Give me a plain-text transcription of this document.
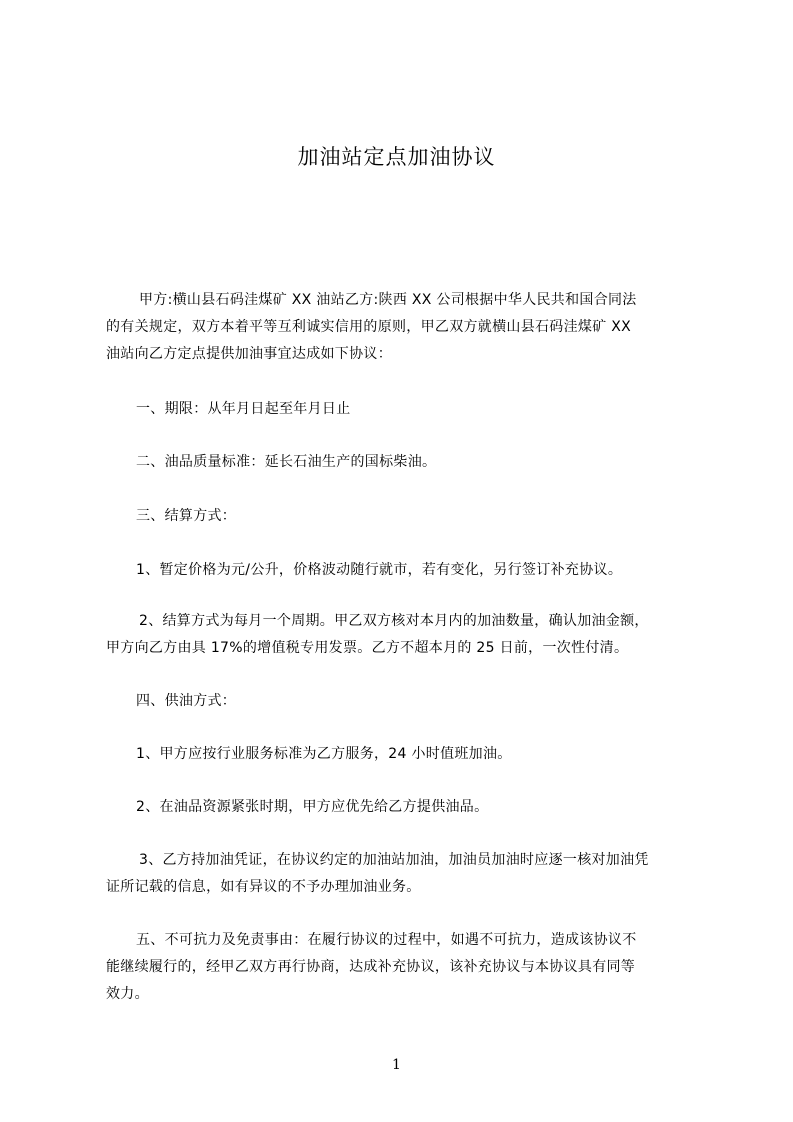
加油站定点加油协议
甲方:横山县石码洼煤矿 XX 油站乙方:陕西 XX 公司根据中华人民共和国合同法
的有关规定，双方本着平等互利诚实信用的原则，甲乙双方就横山县石码洼煤矿 XX
油站向乙方定点提供加油事宜达成如下协议：
一、期限：从年月日起至年月日止
二、油品质量标准：延长石油生产的国标柴油。
三、结算方式：
1、暂定价格为元/公升，价格波动随行就市，若有变化，另行签订补充协议。
2、结算方式为每月一个周期。甲乙双方核对本月内的加油数量，确认加油金额，
甲方向乙方由具 17%的增值税专用发票。乙方不超本月的 25 日前，一次性付清。
四、供油方式：
1、甲方应按行业服务标准为乙方服务，24 小时值班加油。
2、在油品资源紧张时期，甲方应优先给乙方提供油品。
3、乙方持加油凭证，在协议约定的加油站加油，加油员加油时应逐一核对加油凭
证所记载的信息，如有异议的不予办理加油业务。
五、不可抗力及免责事由：在履行协议的过程中，如遇不可抗力，造成该协议不
能继续履行的，经甲乙双方再行协商，达成补充协议，该补充协议与本协议具有同等
效力。
1
